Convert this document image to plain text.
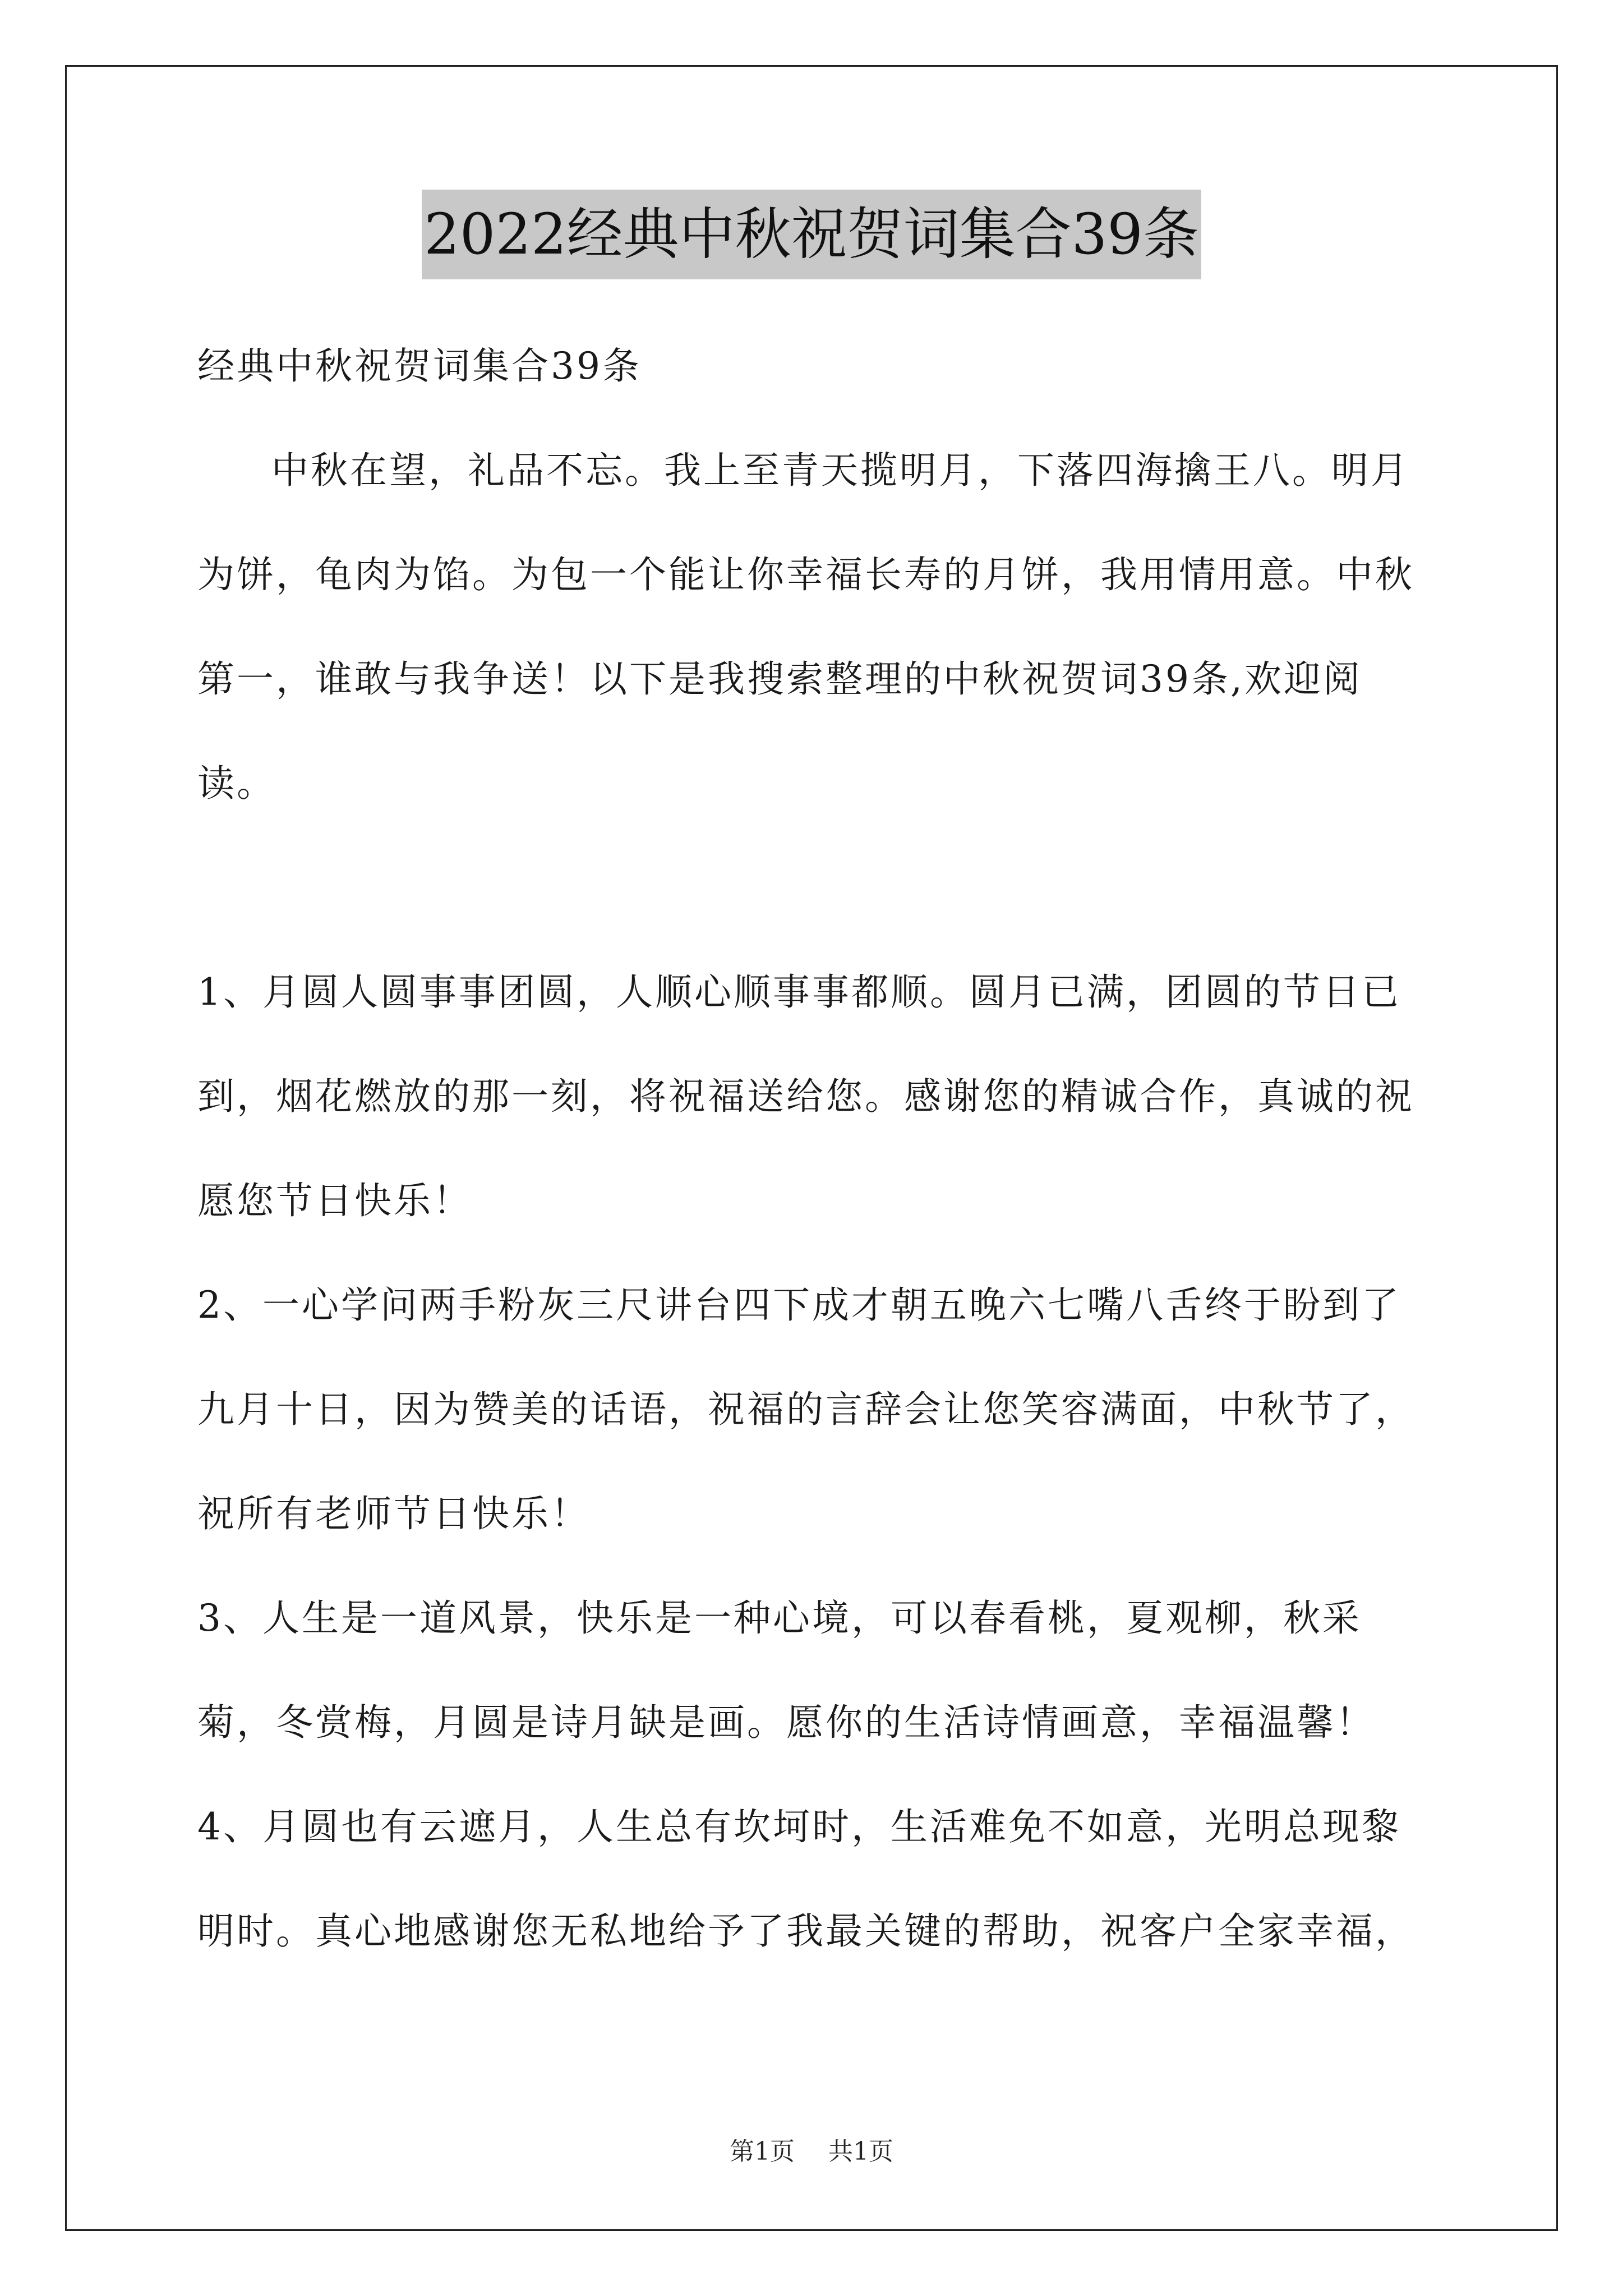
2022经典中秋祝贺词集合39条

经典中秋祝贺词集合39条

中秋在望，礼品不忘。我上至青天揽明月，下落四海擒王八。明月为饼，龟肉为馅。为包一个能让你幸福长寿的月饼，我用情用意。中秋第一，谁敢与我争送！以下是我搜索整理的中秋祝贺词39条,欢迎阅读。

1、月圆人圆事事团圆，人顺心顺事事都顺。圆月已满，团圆的节日已到，烟花燃放的那一刻，将祝福送给您。感谢您的精诚合作，真诚的祝愿您节日快乐！

2、一心学问两手粉灰三尺讲台四下成才朝五晚六七嘴八舌终于盼到了九月十日，因为赞美的话语，祝福的言辞会让您笑容满面，中秋节了，祝所有老师节日快乐！

3、人生是一道风景，快乐是一种心境，可以春看桃，夏观柳，秋采菊，冬赏梅，月圆是诗月缺是画。愿你的生活诗情画意，幸福温馨！

4、月圆也有云遮月，人生总有坎坷时，生活难免不如意，光明总现黎明时。真心地感谢您无私地给予了我最关键的帮助，祝客户全家幸福，

第1页 共1页
